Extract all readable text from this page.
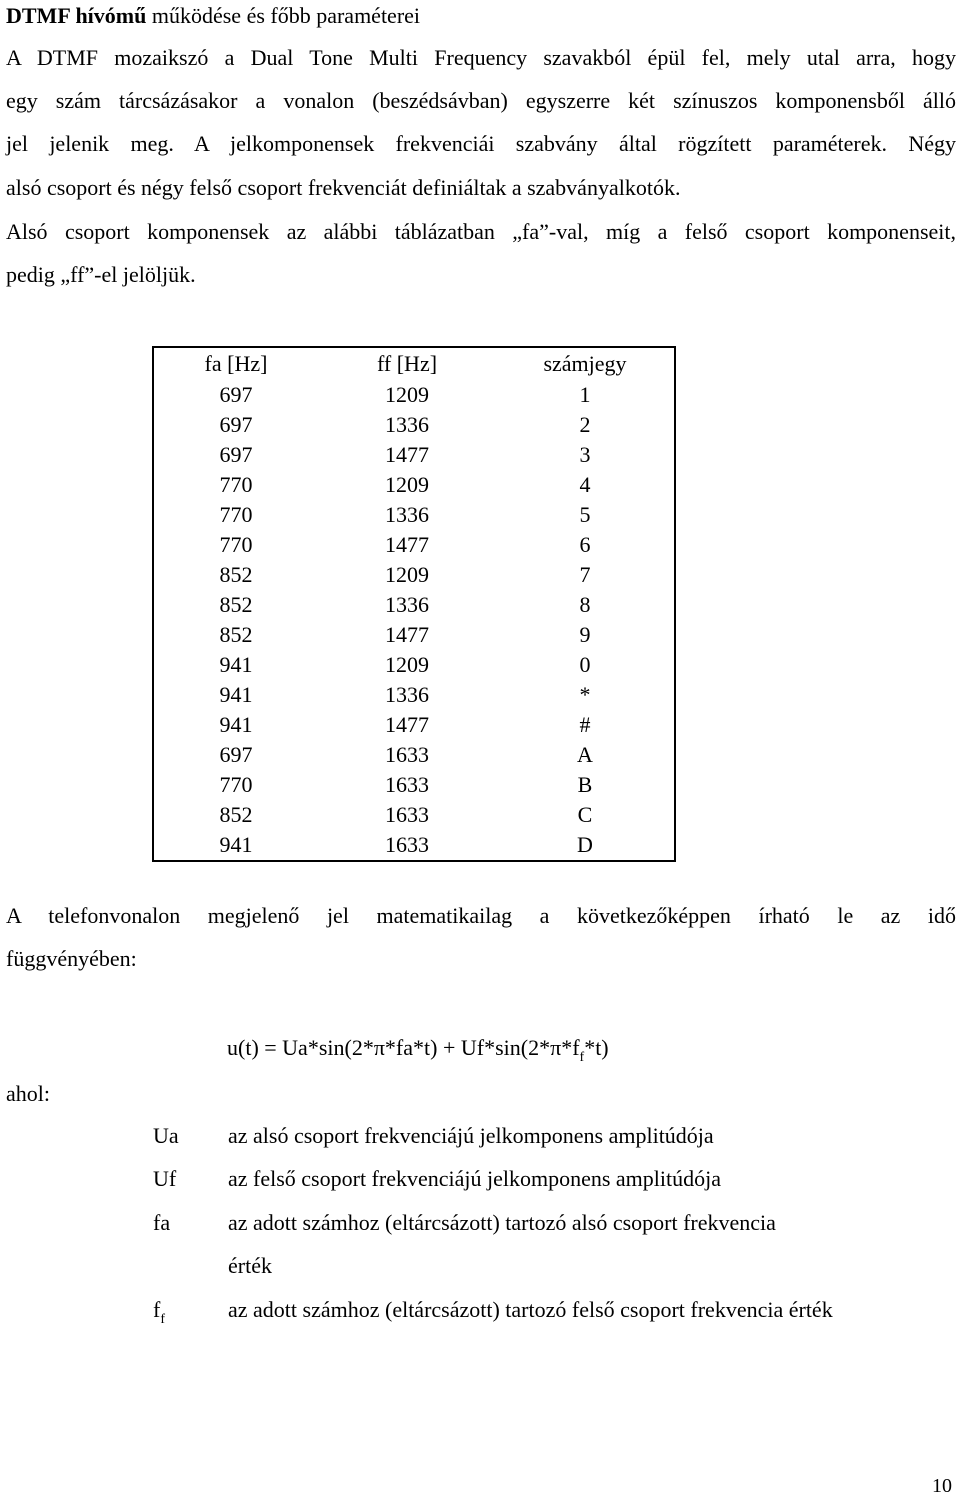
DTMF hívómű működése és főbb paraméterei
A DTMF mozaikszó a Dual Tone Multi Frequency szavakból épül fel, mely utal arra, hogy
egy szám tárcsázásakor a vonalon (beszédsávban) egyszerre két színuszos komponensből álló
jel jelenik meg. A jelkomponensek frekvenciái szabvány által rögzített paraméterek. Négy
alsó csoport és négy felső csoport frekvenciát definiáltak a szabványalkotók.
Alsó csoport komponensek az alábbi táblázatban „fa”-val, míg a felső csoport komponenseit,
pedig „ff”-el jelöljük.
fa [Hz]	ff [Hz]	számjegy
697	1209	1
697	1336	2
697	1477	3
770	1209	4
770	1336	5
770	1477	6
852	1209	7
852	1336	8
852	1477	9
941	1209	0
941	1336	*
941	1477	#
697	1633	A
770	1633	B
852	1633	C
941	1633	D
A telefonvonalon megjelenő jel matematikailag a következőképpen írható le az idő
függvényében:
$u(t) = Ua*\sin(2*\pi*fa*t) + Uf*\sin(2*\pi*f_f*t)$
ahol:
Ua az alsó csoport frekvenciájú jelkomponens amplitúdója
Uf az felső csoport frekvenciájú jelkomponens amplitúdója
fa	az adott számhoz (eltárcsázott) tartozó alsó csoport frekvencia
érték
$f_f$	az adott számhoz (eltárcsázott) tartozó felső csoport frekvencia érték
10
